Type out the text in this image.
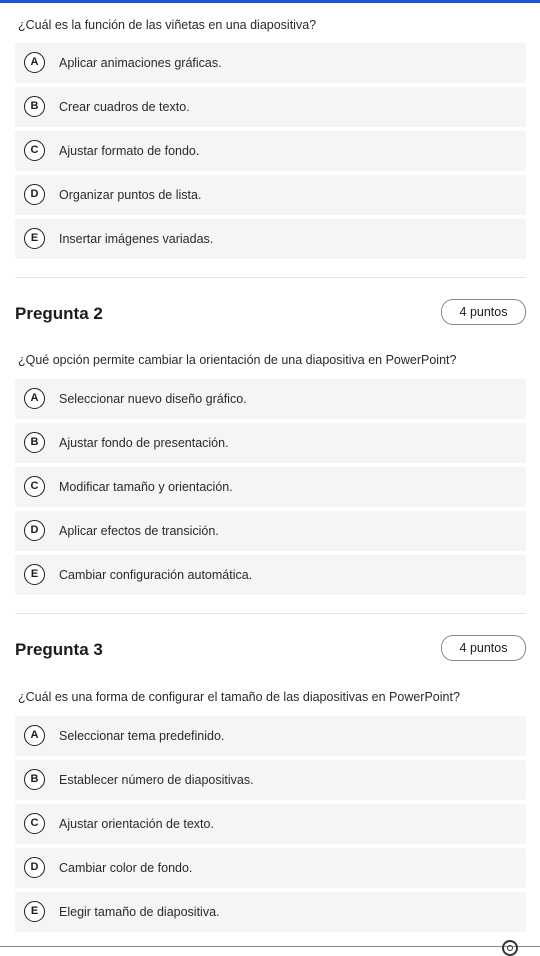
¿Cuál es la función de las viñetas en una diapositiva?

A	Aplicar animaciones gráficas.
B	Crear cuadros de texto.
C	Ajustar formato de fondo.
D	Organizar puntos de lista.
E	Insertar imágenes variadas.
Pregunta 2	4 puntos

¿Qué opción permite cambiar la orientación de una diapositiva en PowerPoint?

A	Seleccionar nuevo diseño gráfico.
B	Ajustar fondo de presentación.
C	Modificar tamaño y orientación.
D	Aplicar efectos de transición.
E	Cambiar configuración automática.
Pregunta 3	4 puntos

¿Cuál es una forma de configurar el tamaño de las diapositivas en PowerPoint?

A	Seleccionar tema predefinido.
B	Establecer número de diapositivas.
C	Ajustar orientación de texto.
D	Cambiar color de fondo.
E	Elegir tamaño de diapositiva.
